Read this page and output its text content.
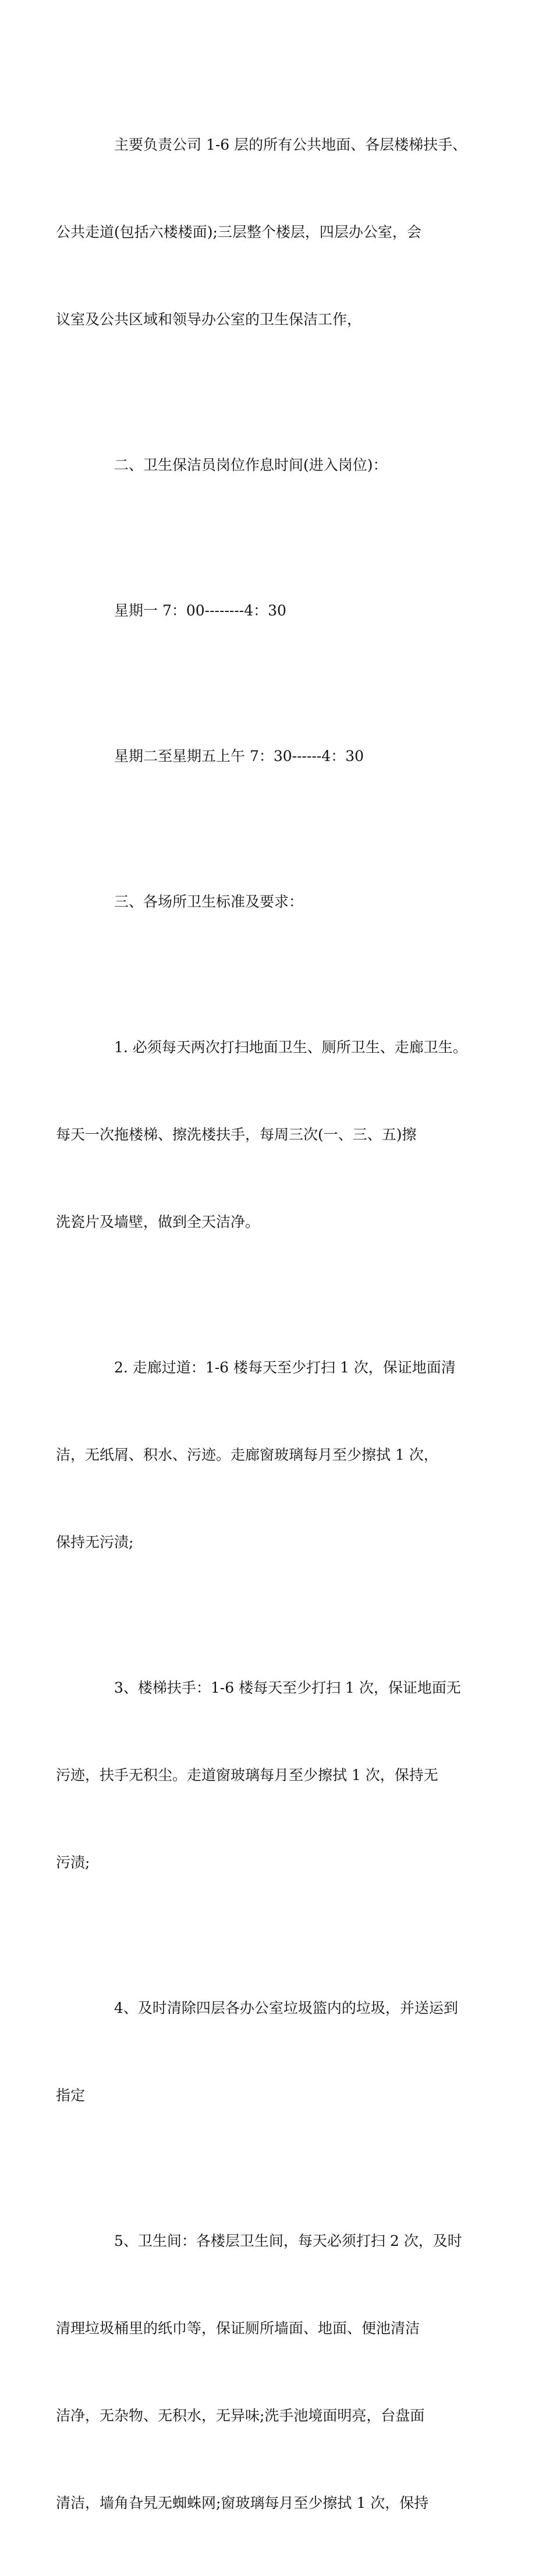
主要负责公司 1-6 层的所有公共地面、各层楼梯扶手、

公共走道(包括六楼楼面);三层整个楼层，四层办公室，会

议室及公共区域和领导办公室的卫生保洁工作，

二、卫生保洁员岗位作息时间(进入岗位)：

星期一 7：00--------4：30

星期二至星期五上午 7：30------4：30

三、各场所卫生标准及要求：

1. 必须每天两次打扫地面卫生、厕所卫生、走廊卫生。

每天一次拖楼梯、擦洗楼扶手，每周三次(一、三、五)擦

洗瓷片及墙壁，做到全天洁净。

2. 走廊过道：1-6 楼每天至少打扫 1 次，保证地面清

洁，无纸屑、积水、污迹。走廊窗玻璃每月至少擦拭 1 次，

保持无污渍;

3、楼梯扶手：1-6 楼每天至少打扫 1 次，保证地面无

污迹，扶手无积尘。走道窗玻璃每月至少擦拭 1 次，保持无

污渍;

4、及时清除四层各办公室垃圾篮内的垃圾，并送运到

指定

5、卫生间：各楼层卫生间，每天必须打扫 2 次，及时

清理垃圾桶里的纸巾等，保证厕所墙面、地面、便池清洁

洁净，无杂物、无积水，无异味;洗手池境面明亮，台盘面

清洁，墙角旮旯无蜘蛛网;窗玻璃每月至少擦拭 1 次，保持
